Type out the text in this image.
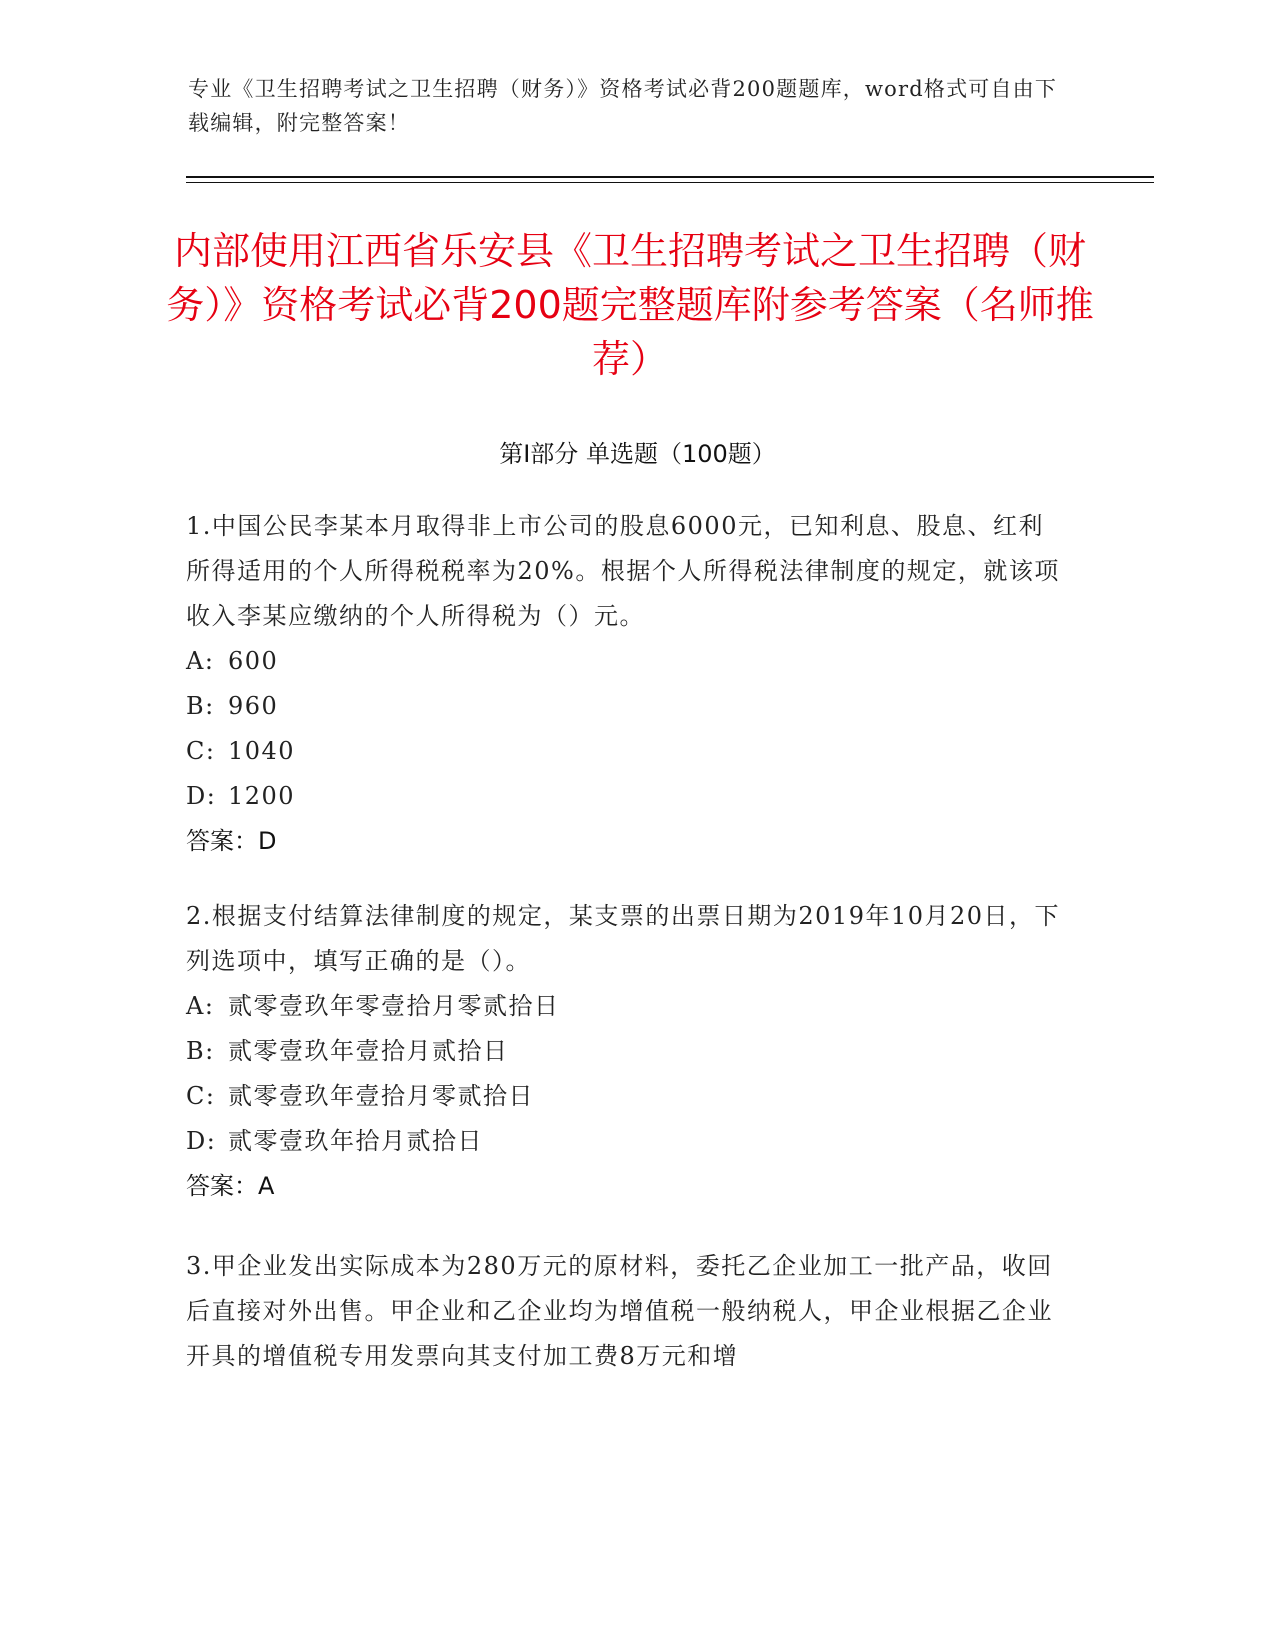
专业《卫生招聘考试之卫生招聘（财务）》资格考试必背200题题库，word格式可自由下载编辑，附完整答案！
内部使用江西省乐安县《卫生招聘考试之卫生招聘（财务）》资格考试必背200题完整题库附参考答案（名师推荐）
第Ⅰ部分 单选题（100题）
1.中国公民李某本月取得非上市公司的股息6000元，已知利息、股息、红利所得适用的个人所得税税率为20%。根据个人所得税法律制度的规定，就该项收入李某应缴纳的个人所得税为（）元。
A: 600
B: 960
C: 1040
D: 1200
答案：D
2.根据支付结算法律制度的规定，某支票的出票日期为2019年10月20日，下列选项中，填写正确的是（）。
A: 贰零壹玖年零壹拾月零贰拾日
B: 贰零壹玖年壹拾月贰拾日
C: 贰零壹玖年壹拾月零贰拾日
D: 贰零壹玖年拾月贰拾日
答案：A
3.甲企业发出实际成本为280万元的原材料，委托乙企业加工一批产品，收回后直接对外出售。甲企业和乙企业均为增值税一般纳税人，甲企业根据乙企业开具的增值税专用发票向其支付加工费8万元和增
